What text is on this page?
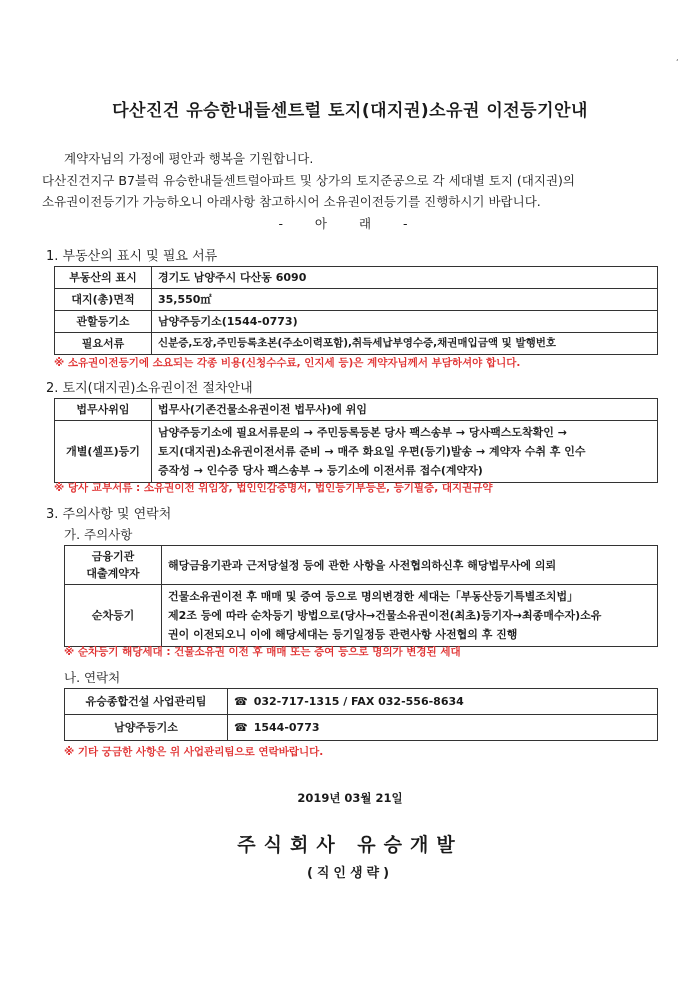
‘
다산진건 유승한내들센트럴 토지(대지권)소유권 이전등기안내
계약자님의 가정에 평안과 행복을 기원합니다.
다산진건지구 B7블럭 유승한내들센트럴아파트 및 상가의 토지준공으로 각 세대별 토지 (대지권)의
소유권이전등기가 가능하오니 아래사항 참고하시어 소유권이전등기를 진행하시기 바랍니다.
- 아 래 -
1. 부동산의 표시 및 필요 서류
부동산의 표시	경기도 남양주시 다산동 6090
대지(총)면적	35,550㎡
관할등기소	남양주등기소(1544-0773)
필요서류	신분증,도장,주민등록초본(주소이력포함),취득세납부영수증,채권매입금액 및 발행번호
※ 소유권이전등기에 소요되는 각종 비용(신청수수료, 인지세 등)은 계약자님께서 부담하셔야 합니다.
2. 토지(대지권)소유권이전 절차안내
법무사위임	법무사(기존건물소유권이전 법무사)에 위임
개별(셀프)등기	남양주등기소에 필요서류문의 → 주민등록등본 당사 팩스송부 → 당사팩스도착확인 →
토지(대지권)소유권이전서류 준비 → 매주 화요일 우편(등기)발송 → 계약자 수취 후 인수
증작성 → 인수증 당사 팩스송부 → 등기소에 이전서류 접수(계약자)
※ 당사 교부서류 : 소유권이전 위임장, 법인인감증명서, 법인등기부등본, 등기필증, 대지권규약
3. 주의사항 및 연락처
가. 주의사항
금융기관
대출계약자	해당금융기관과 근저당설정 등에 관한 사항을 사전협의하신후 해당법무사에 의뢰
순차등기	건물소유권이전 후 매매 및 증여 등으로 명의변경한 세대는「부동산등기특별조치법」
제2조 등에 따라 순차등기 방법으로(당사→건물소유권이전(최초)등기자→최종매수자)소유
권이 이전되오니 이에 해당세대는 등기일정등 관련사항 사전협의 후 진행
※ 순차등기 해당세대 : 건물소유권 이전 후 매매 또는 증여 등으로 명의가 변경된 세대
나. 연락처
유승종합건설 사업관리팀	☎ 032-717-1315 / FAX 032-556-8634
남양주등기소	☎ 1544-0773
※ 기타 궁금한 사항은 위 사업관리팀으로 연락바랍니다.
2019년 03월 21일
주식회사 유승개발
(직인생략)
